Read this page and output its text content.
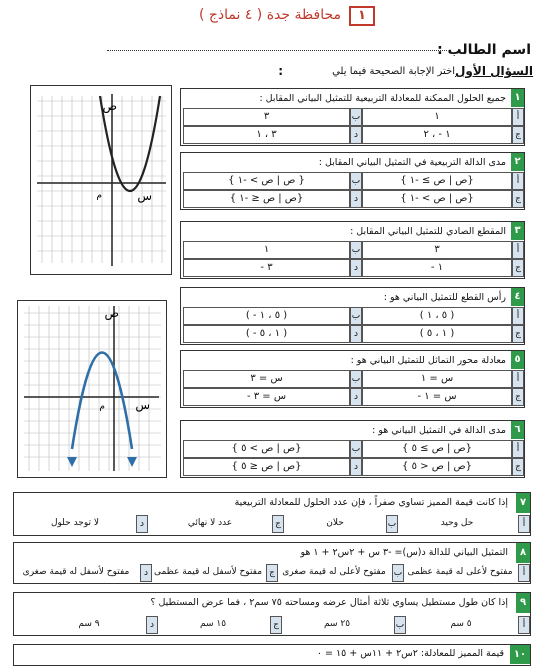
١
محافظة جدة ( ٤ نماذج )
اسم الطالب :
السؤال الأول
اختر الإجابة الصحيحة فيما يلي
:
ص
س
م
ص
س
م
١
جميع الحلول الممكنة للمعادلة التربيعية للتمثيل البياني المقابل :
أ
١
ب
٣
ج
١ - ، ٢
د
٣ ، ١
٢
مدى الدالة التربيعية في التمثيل البياني المقابل :
أ
{ص | ص ≥ -١ }
ب
{ ص | ص > -١ }
ج
{ص | ص > -١ }
د
{ص | ص ≤ -١ }
٣
المقطع الصادي للتمثيل البياني المقابل :
أ
٣
ب
١
ج
١ -
د
٣ -
٤
رأس القطع للتمثيل البياني هو :
أ
( ٥ ، ١ )
ب
( ٥ ، ١ - )
ج
( ١ ، ٥ )
د
( ١ ، ٥ - )
٥
معادلة محور التماثل للتمثيل البياني هو :
أ
س = ١
ب
س = ٣
ج
س = ١ -
د
س = ٣ -
٦
مدى الدالة في التمثيل البياني هو :
أ
{ص | ص ≥ ٥ }
ب
{ص | ص > ٥ }
ج
{ص | ص < ٥ }
د
{ص | ص ≤ ٥ }
٧
إذا كانت قيمة المميز تساوي صفراً ، فإن عدد الحلول للمعادلة التربيعية
أ
حل وحيد
ب
حلان
ج
عدد لا نهائي
د
لا توجد حلول
٨
التمثيل البياني للدالة د(س)= -٣ س + ٢س٢ + ١ هو
أ
مفتوح لأعلى له قيمة عظمى
ب
مفتوح لأعلى له قيمة صغرى
ج
مفتوح لأسفل له قيمة عظمى
د
مفتوح لأسفل له قيمة صغرى
٩
إذا كان طول مستطيل يساوي ثلاثة أمثال عرضه ومساحته ٧٥ سم٢ ، فما عرض المستطيل ؟
أ
٥ سم
ب
٢٥ سم
ج
١٥ سم
د
٩ سم
١٠
قيمة المميز للمعادلة: ٢س٢ + ١١س + ١٥ = ٠
